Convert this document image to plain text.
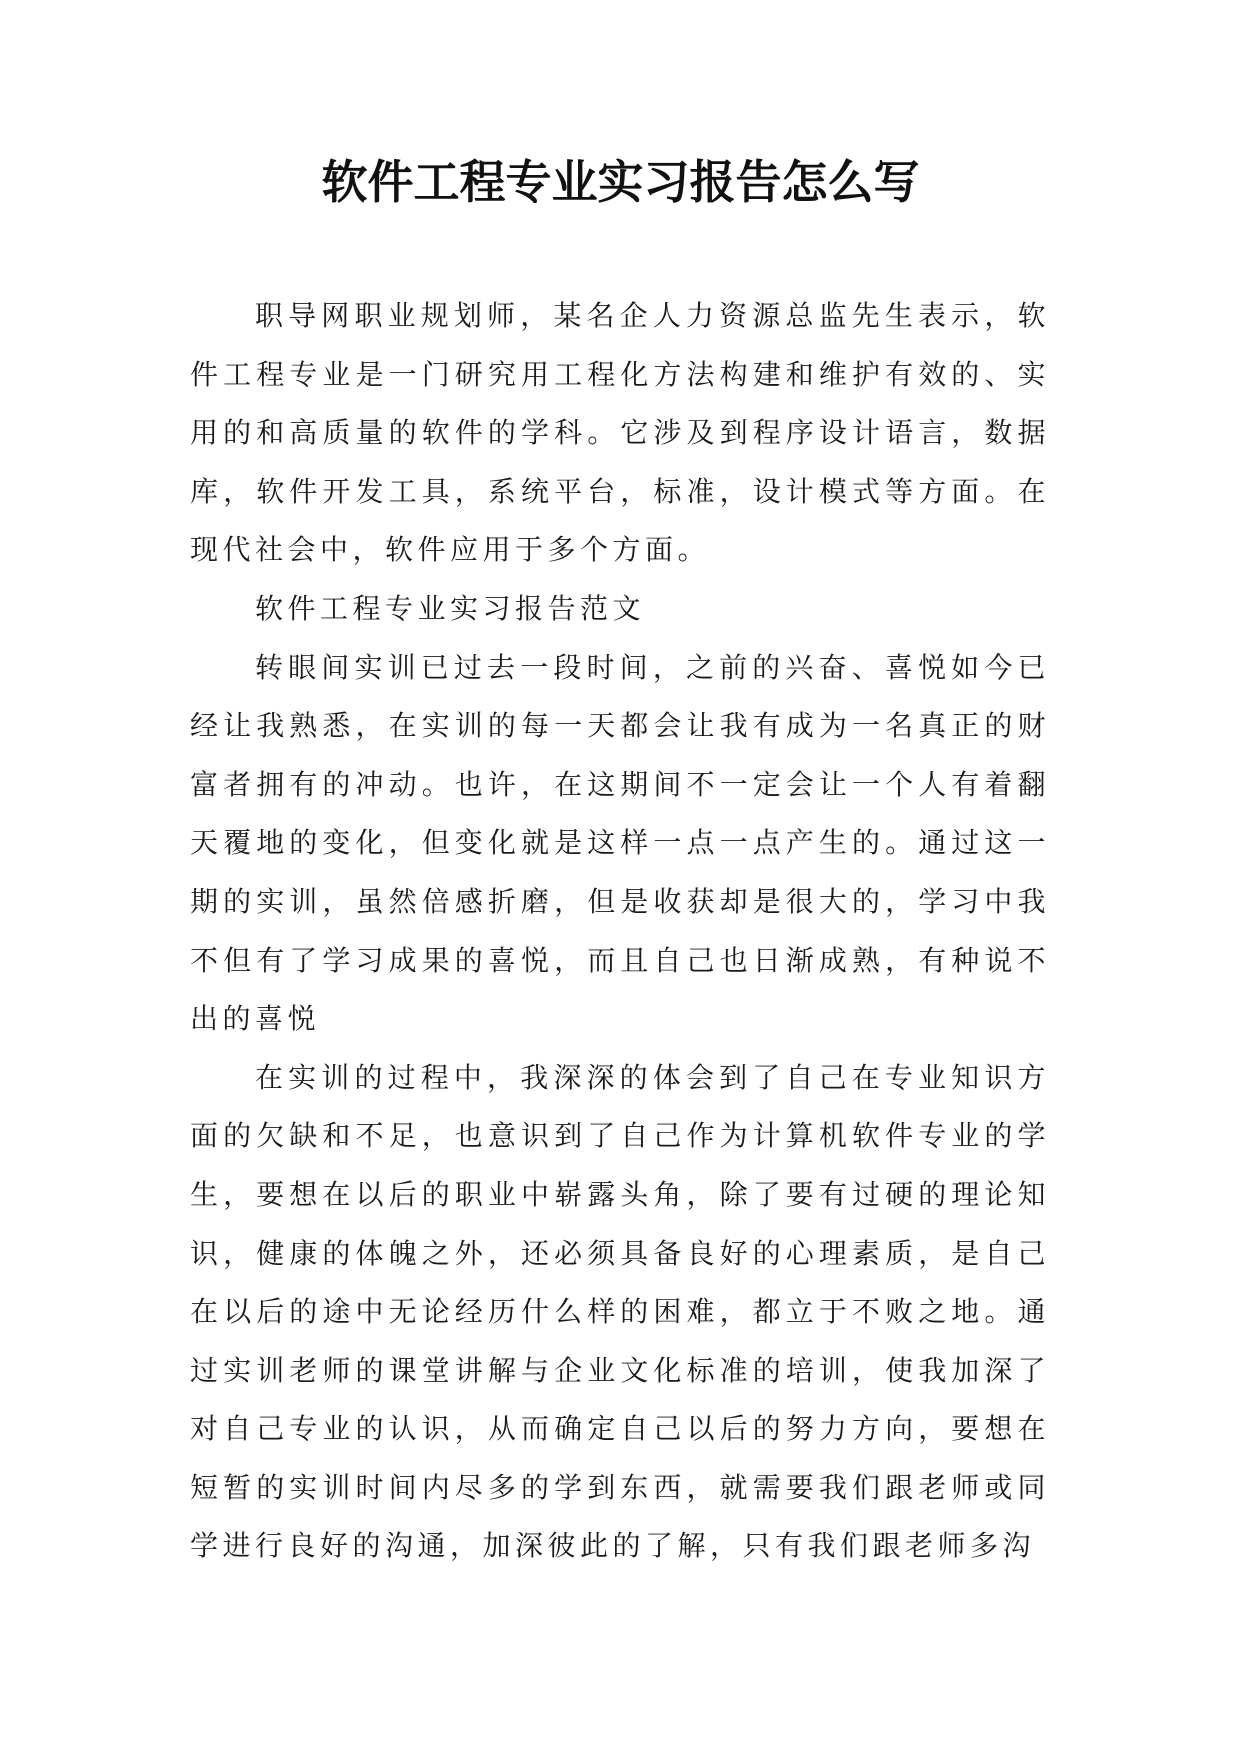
软件工程专业实习报告怎么写

职导网职业规划师，某名企人力资源总监先生表示，软件工程专业是一门研究用工程化方法构建和维护有效的、实用的和高质量的软件的学科。它涉及到程序设计语言，数据库，软件开发工具，系统平台，标准，设计模式等方面。在现代社会中，软件应用于多个方面。

软件工程专业实习报告范文

转眼间实训已过去一段时间，之前的兴奋、喜悦如今已经让我熟悉，在实训的每一天都会让我有成为一名真正的财富者拥有的冲动。也许，在这期间不一定会让一个人有着翻天覆地的变化，但变化就是这样一点一点产生的。通过这一期的实训，虽然倍感折磨，但是收获却是很大的，学习中我不但有了学习成果的喜悦，而且自己也日渐成熟，有种说不出的喜悦

在实训的过程中，我深深的体会到了自己在专业知识方面的欠缺和不足，也意识到了自己作为计算机软件专业的学生，要想在以后的职业中崭露头角，除了要有过硬的理论知识，健康的体魄之外，还必须具备良好的心理素质，是自己在以后的途中无论经历什么样的困难，都立于不败之地。通过实训老师的课堂讲解与企业文化标准的培训，使我加深了对自己专业的认识，从而确定自己以后的努力方向，要想在短暂的实训时间内尽多的学到东西，就需要我们跟老师或同学进行良好的沟通，加深彼此的了解，只有我们跟老师多沟
